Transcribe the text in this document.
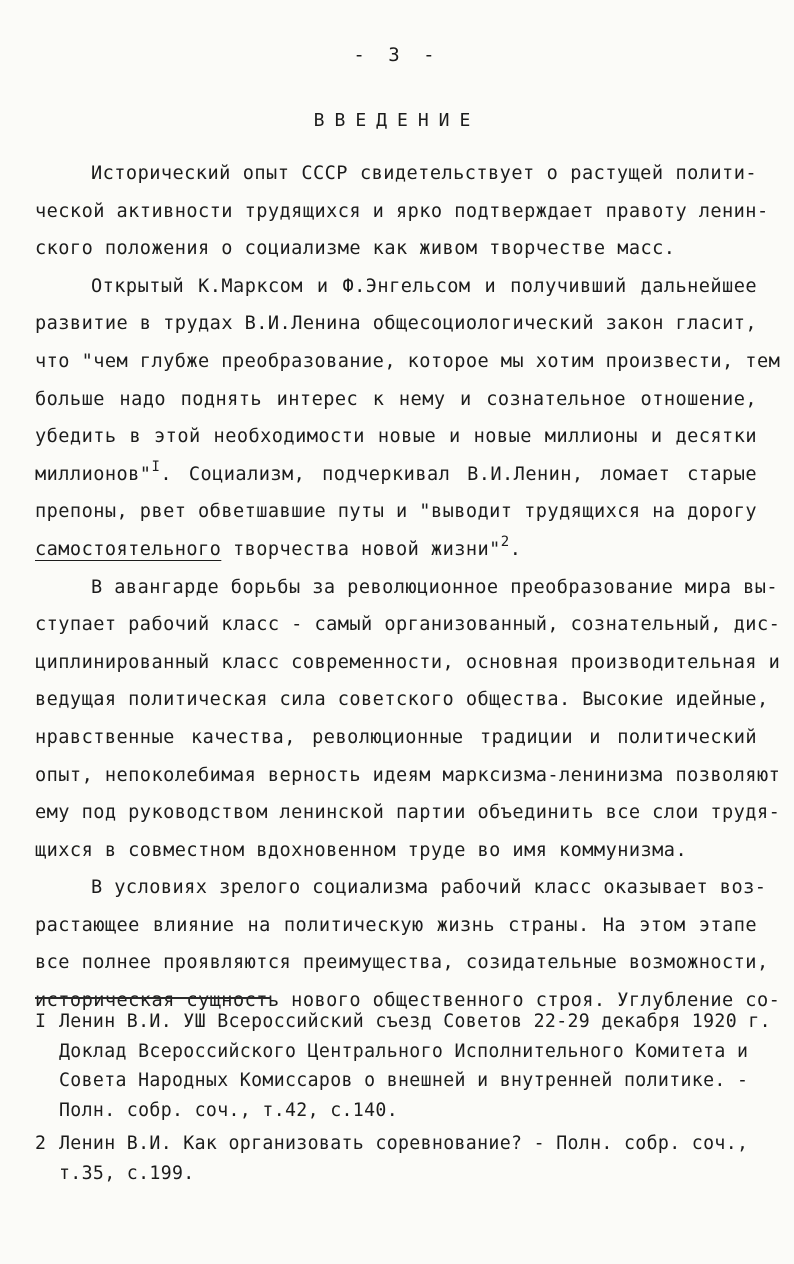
- 3 -
ВВЕДЕНИЕ

Исторический опыт СССР свидетельствует о растущей полити-
ческой активности трудящихся и ярко подтверждает правоту ленин-
ского положения о социализме как живом творчестве масс.

Открытый К.Марксом и Ф.Энгельсом и получивший дальнейшее
развитие в трудах В.И.Ленина общесоциологический закон гласит,
что "чем глубже преобразование, которое мы хотим произвести, тем
больше надо поднять интерес к нему и сознательное отношение,
убедить в этой необходимости новые и новые миллионы и десятки
миллионов"$^I$. Социализм, подчеркивал В.И.Ленин, ломает старые
препоны, рвет обветшавшие путы и "выводит трудящихся на дорогу
самостоятельного творчества новой жизни"$^2$.

В авангарде борьбы за революционное преобразование мира вы-
ступает рабочий класс - самый организованный, сознательный, дис-
циплинированный класс современности, основная производительная и
ведущая политическая сила советского общества. Высокие идейные,
нравственные качества, революционные традиции и политический
опыт, непоколебимая верность идеям марксизма-ленинизма позволяют
ему под руководством ленинской партии объединить все слои трудя-
щихся в совместном вдохновенном труде во имя коммунизма.

В условиях зрелого социализма рабочий класс оказывает воз-
растающее влияние на политическую жизнь страны. На этом этапе
все полнее проявляются преимущества, созидательные возможности,
историческая сущность нового общественного строя. Углубление со-

I Ленин В.И. УШ Всероссийский съезд Советов 22-29 декабря 1920 г.
Доклад Всероссийского Центрального Исполнительного Комитета и
Совета Народных Комиссаров о внешней и внутренней политике. -
Полн. собр. соч., т.42, с.140.
2 Ленин В.И. Как организовать соревнование? - Полн. собр. соч.,
т.35, с.199.
